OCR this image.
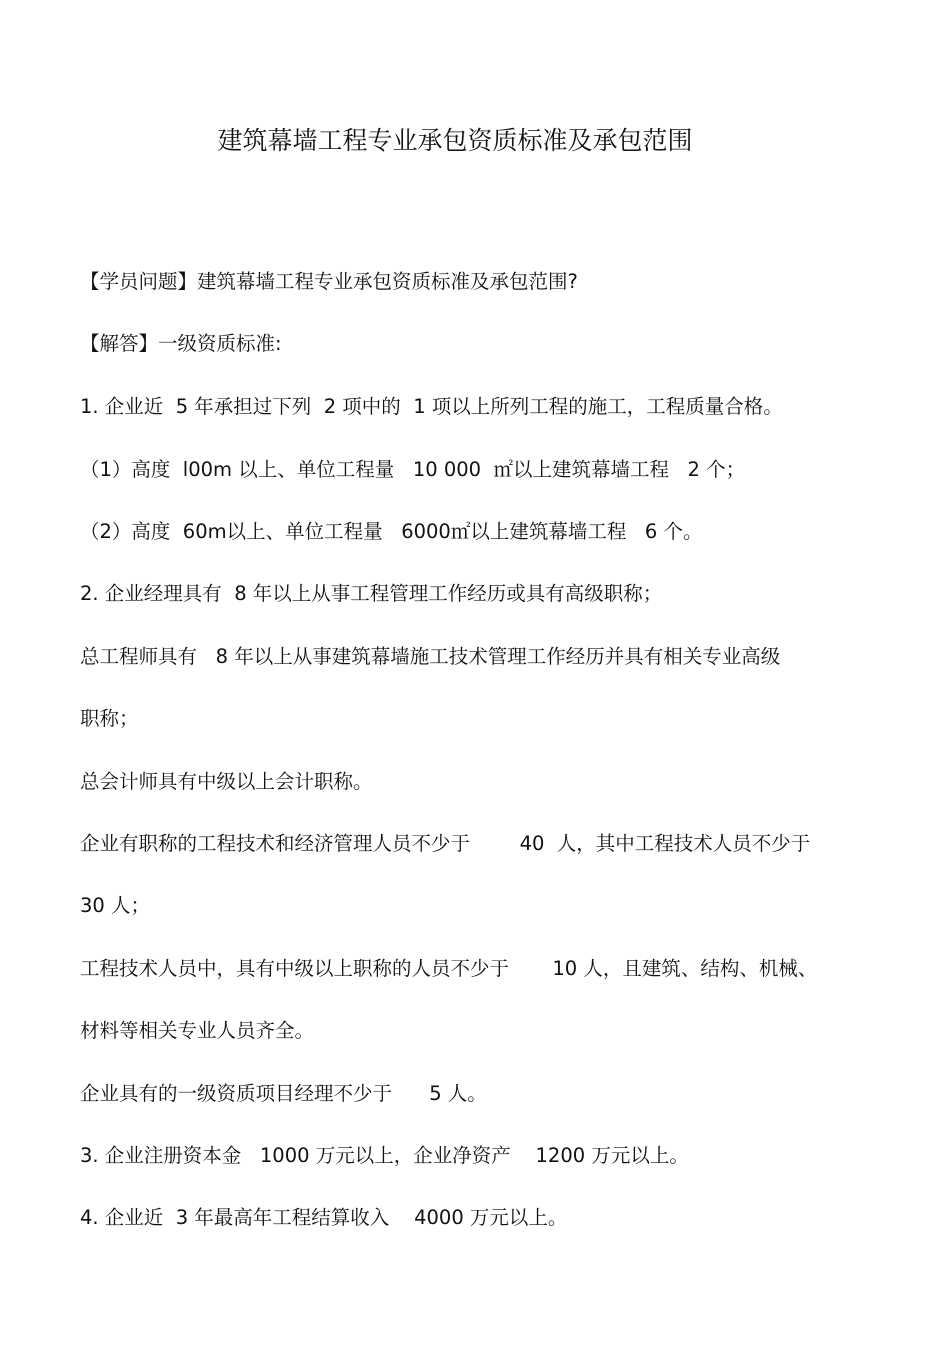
建筑幕墙工程专业承包资质标准及承包范围
【学员问题】建筑幕墙工程专业承包资质标准及承包范围?
【解答】一级资质标准:
1. 企业近  5 年承担过下列  2 项中的  1 项以上所列工程的施工，工程质量合格。
（1）高度  l00m 以上、单位工程量   10 000  ㎡以上建筑幕墙工程   2 个；
（2）高度  60m以上、单位工程量   6000㎡以上建筑幕墙工程   6 个。
2. 企业经理具有  8 年以上从事工程管理工作经历或具有高级职称；
总工程师具有   8 年以上从事建筑幕墙施工技术管理工作经历并具有相关专业高级
职称；
总会计师具有中级以上会计职称。
企业有职称的工程技术和经济管理人员不少于        40  人，其中工程技术人员不少于
30 人；
工程技术人员中，具有中级以上职称的人员不少于       10 人，且建筑、结构、机械、
材料等相关专业人员齐全。
企业具有的一级资质项目经理不少于      5 人。
3. 企业注册资本金   1000 万元以上，企业净资产    1200 万元以上。
4. 企业近  3 年最高年工程结算收入    4000 万元以上。
